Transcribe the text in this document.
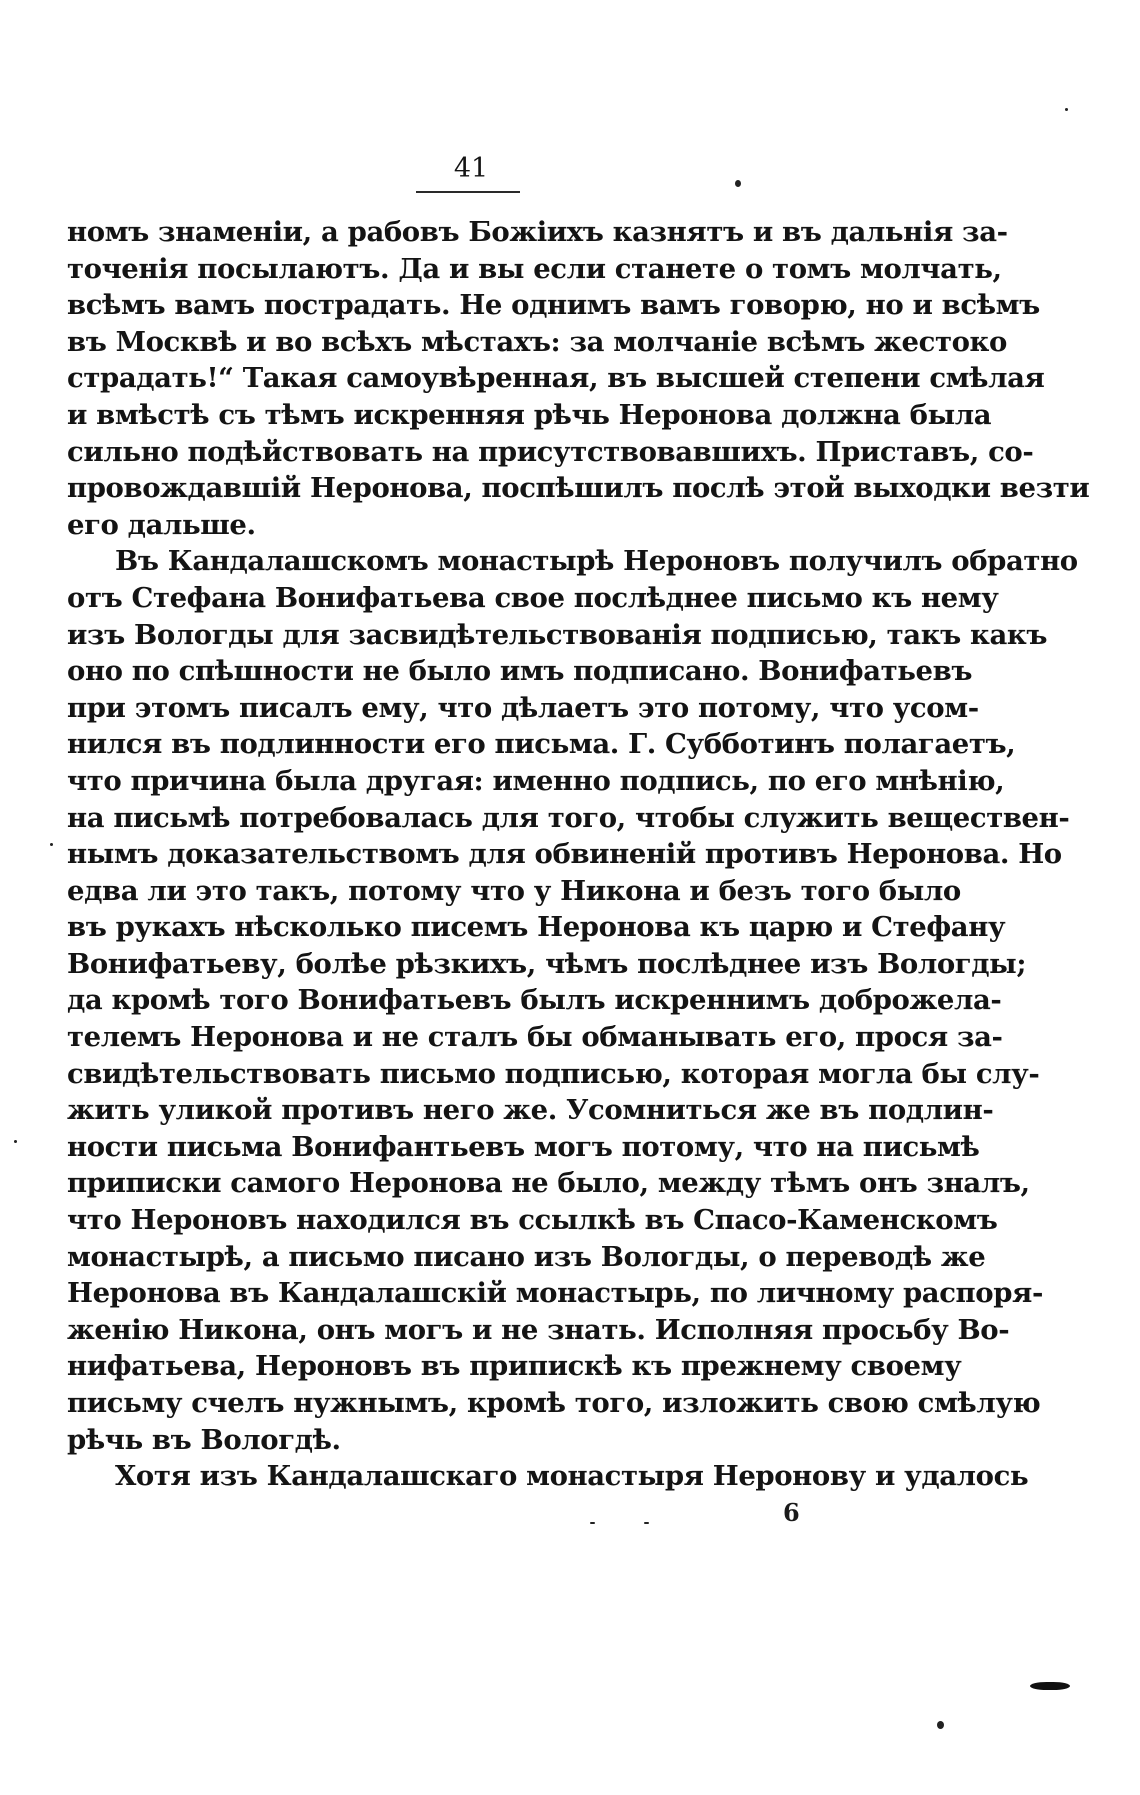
41
номъ знаменіи, а рабовъ Божіихъ казнятъ и въ дальнія за-
точенія посылаютъ. Да и вы если станете о томъ молчать,
всѣмъ вамъ пострадать. Не однимъ вамъ говорю, но и всѣмъ
въ Москвѣ и во всѣхъ мѣстахъ: за молчаніе всѣмъ жестоко
страдать!“ Такая самоувѣренная, въ высшей степени смѣлая
и вмѣстѣ съ тѣмъ искренняя рѣчь Неронова должна была
сильно подѣйствовать на присутствовавшихъ. Приставъ, со-
провождавшій Неронова, поспѣшилъ послѣ этой выходки везти
его дальше.
Въ Кандалашскомъ монастырѣ Нероновъ получилъ обратно
отъ Стефана Вонифатьева свое послѣднее письмо къ нему
изъ Вологды для засвидѣтельствованія подписью, такъ какъ
оно по спѣшности не было имъ подписано. Вонифатьевъ
при этомъ писалъ ему, что дѣлаетъ это потому, что усом-
нился въ подлинности его письма. Г. Субботинъ полагаетъ,
что причина была другая: именно подпись, по его мнѣнію,
на письмѣ потребовалась для того, чтобы служить веществен-
нымъ доказательствомъ для обвиненій противъ Неронова. Но
едва ли это такъ, потому что у Никона и безъ того было
въ рукахъ нѣсколько писемъ Неронова къ царю и Стефану
Вонифатьеву, болѣе рѣзкихъ, чѣмъ послѣднее изъ Вологды;
да кромѣ того Вонифатьевъ былъ искреннимъ доброжела-
телемъ Неронова и не сталъ бы обманывать его, прося за-
свидѣтельствовать письмо подписью, которая могла бы слу-
жить уликой противъ него же. Усомниться же въ подлин-
ности письма Вонифантьевъ могъ потому, что на письмѣ
приписки самого Неронова не было, между тѣмъ онъ зналъ,
что Нероновъ находился въ ссылкѣ въ Спасо-Каменскомъ
монастырѣ, а письмо писано изъ Вологды, о переводѣ же
Неронова въ Кандалашскій монастырь, по личному распоря-
женію Никона, онъ могъ и не знать. Исполняя просьбу Во-
нифатьева, Нероновъ въ припискѣ къ прежнему своему
письму счелъ нужнымъ, кромѣ того, изложить свою смѣлую
рѣчь въ Вологдѣ.
Хотя изъ Кандалашскаго монастыря Неронову и удалось
6
